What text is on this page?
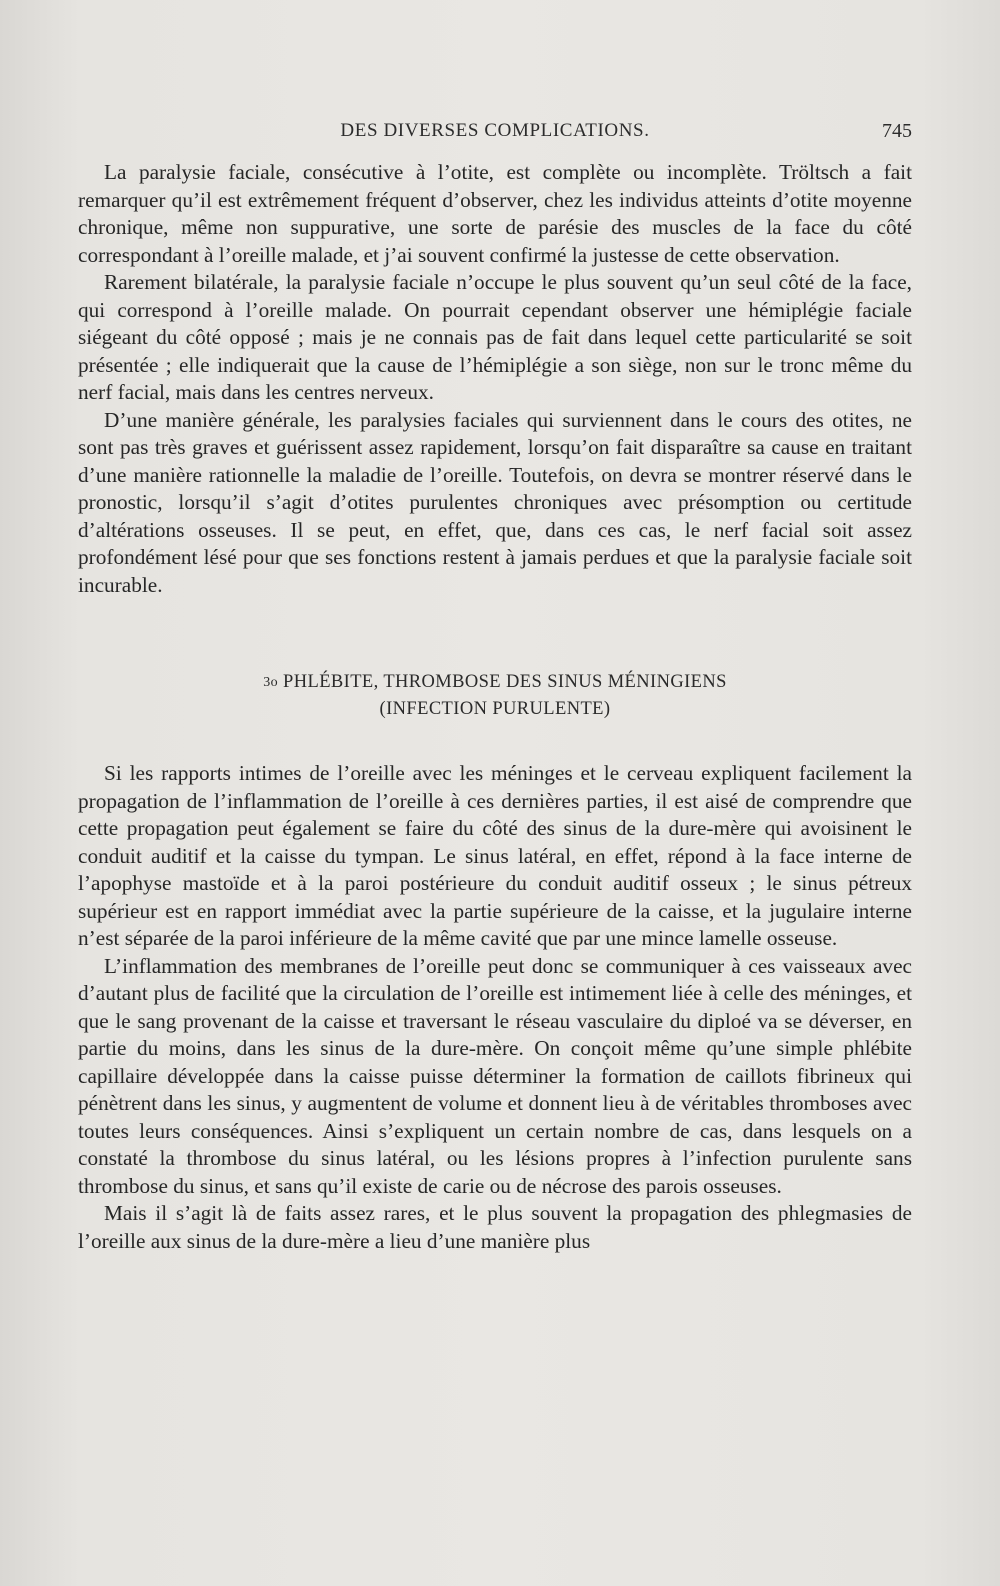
DES DIVERSES COMPLICATIONS.	745

La paralysie faciale, consécutive à l’otite, est complète ou incomplète. Tröltsch a fait remarquer qu’il est extrêmement fréquent d’observer, chez les individus atteints d’otite moyenne chronique, même non suppurative, une sorte de parésie des muscles de la face du côté correspondant à l’oreille malade, et j’ai souvent confirmé la justesse de cette observation.

Rarement bilatérale, la paralysie faciale n’occupe le plus souvent qu’un seul côté de la face, qui correspond à l’oreille malade. On pourrait cependant observer une hémiplégie faciale siégeant du côté opposé ; mais je ne connais pas de fait dans lequel cette particularité se soit présentée ; elle indiquerait que la cause de l’hémiplégie a son siège, non sur le tronc même du nerf facial, mais dans les centres nerveux.

D’une manière générale, les paralysies faciales qui surviennent dans le cours des otites, ne sont pas très graves et guérissent assez rapidement, lorsqu’on fait disparaître sa cause en traitant d’une manière rationnelle la maladie de l’oreille. Toutefois, on devra se montrer réservé dans le pronostic, lorsqu’il s’agit d’otites purulentes chroniques avec présomption ou certitude d’altérations osseuses. Il se peut, en effet, que, dans ces cas, le nerf facial soit assez profondément lésé pour que ses fonctions restent à jamais perdues et que la paralysie faciale soit incurable.

3o PHLÉBITE, THROMBOSE DES SINUS MÉNINGIENS
(INFECTION PURULENTE)

Si les rapports intimes de l’oreille avec les méninges et le cerveau expliquent facilement la propagation de l’inflammation de l’oreille à ces dernières parties, il est aisé de comprendre que cette propagation peut également se faire du côté des sinus de la dure-mère qui avoisinent le conduit auditif et la caisse du tympan. Le sinus latéral, en effet, répond à la face interne de l’apophyse mastoïde et à la paroi postérieure du conduit auditif osseux ; le sinus pétreux supérieur est en rapport immédiat avec la partie supérieure de la caisse, et la jugulaire interne n’est séparée de la paroi inférieure de la même cavité que par une mince lamelle osseuse.

L’inflammation des membranes de l’oreille peut donc se communiquer à ces vaisseaux avec d’autant plus de facilité que la circulation de l’oreille est intimement liée à celle des méninges, et que le sang provenant de la caisse et traversant le réseau vasculaire du diploé va se déverser, en partie du moins, dans les sinus de la dure-mère. On conçoit même qu’une simple phlébite capillaire développée dans la caisse puisse déterminer la formation de caillots fibrineux qui pénètrent dans les sinus, y augmentent de volume et donnent lieu à de véritables thromboses avec toutes leurs conséquences. Ainsi s’expliquent un certain nombre de cas, dans lesquels on a constaté la thrombose du sinus latéral, ou les lésions propres à l’infection purulente sans thrombose du sinus, et sans qu’il existe de carie ou de nécrose des parois osseuses.

Mais il s’agit là de faits assez rares, et le plus souvent la propagation des phlegmasies de l’oreille aux sinus de la dure-mère a lieu d’une manière plus
